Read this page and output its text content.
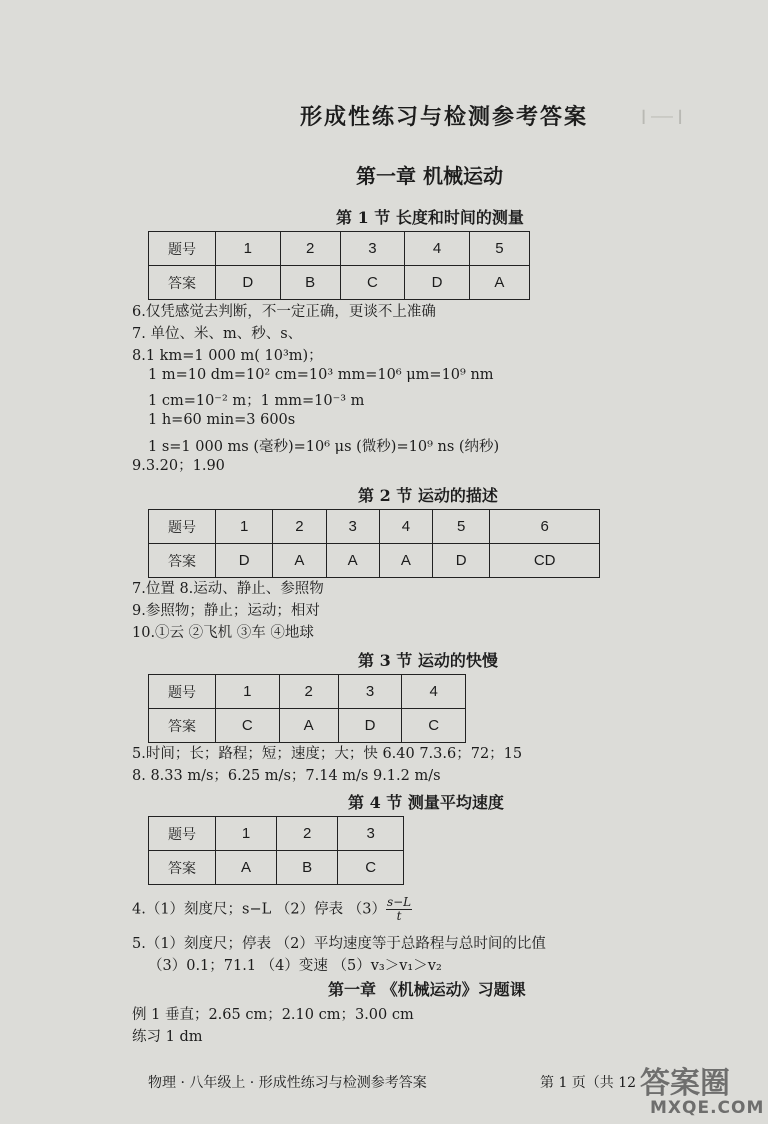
┃ ─── ┃
形成性练习与检测参考答案
第一章 机械运动
第 1 节 长度和时间的测量
题号	1	2	3	4	5
答案	D	B	C	D	A
6.仅凭感觉去判断，不一定正确，更谈不上准确
7. 单位、米、m、秒、s、
8.1 km=1 000 m( 10³m)；
1 m=10 dm=10² cm=10³ mm=10⁶ μm=10⁹ nm
1 cm=10⁻² m；1 mm=10⁻³ m
1 h=60 min=3 600s
1 s=1 000 ms (毫秒)=10⁶ μs (微秒)=10⁹ ns (纳秒)
9.3.20；1.90
第 2 节 运动的描述
题号	1	2	3	4	5	6
答案	D	A	A	A	D	CD
7.位置 8.运动、静止、参照物
9.参照物；静止；运动；相对
10.①云 ②飞机 ③车 ④地球
第 3 节 运动的快慢
题号	1	2	3	4
答案	C	A	D	C
5.时间；长；路程；短；速度；大；快 6.40 7.3.6；72；15
8. 8.33 m/s；6.25 m/s；7.14 m/s 9.1.2 m/s
第 4 节 测量平均速度
题号	1	2	3
答案	A	B	C
4.（1）刻度尺；s−L （2）停表 $(3) \frac{s-L}{t}$
5.（1）刻度尺；停表 （2）平均速度等于总路程与总时间的比值
（3）0.1；71.1 （4）变速 （5）v₃＞v₁＞v₂
第一章 《机械运动》习题课
例 1 垂直；2.65 cm；2.10 cm；3.00 cm
练习 1 dm
物理 · 八年级上 · 形成性练习与检测参考答案	第 1 页（共 12 答案圈
MXQE.COM
